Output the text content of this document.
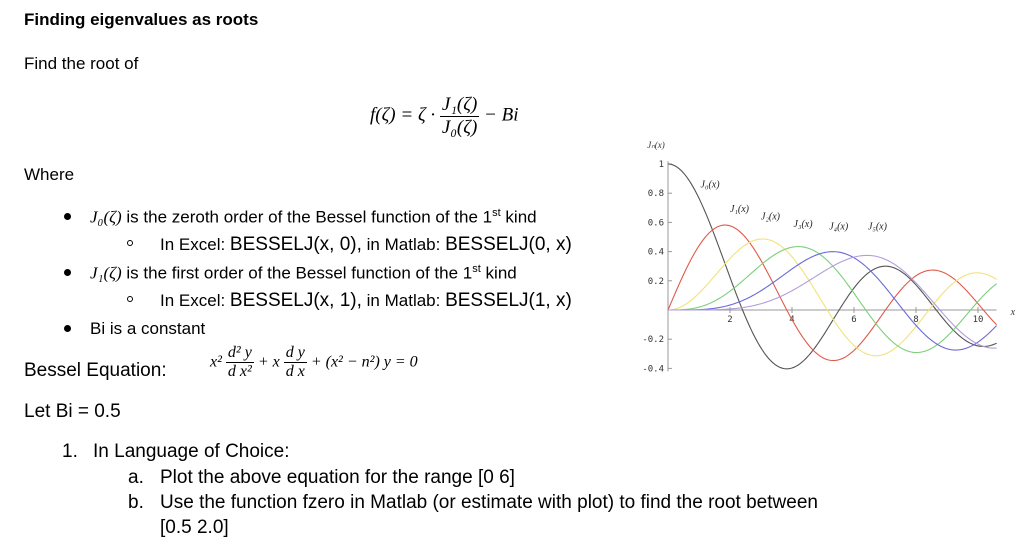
Finding eigenvalues as roots
Find the root of
$f(\zeta) = \zeta \cdot \frac{\text{J₁(ζ)}}{\text{J₀(ζ)}} - Bi$
Where
J₀(ζ) is the zeroth order of the Bessel function of the 1st kind
In Excel: BESSELJ(x, 0), in Matlab: BESSELJ(0, x)
J₁(ζ) is the first order of the Bessel function of the 1st kind
In Excel: BESSELJ(x, 1), in Matlab: BESSELJ(1, x)
Bi is a constant
Bessel Equation:	$x^2 \frac{\text{d² y}}{\text{d x²}} + x \frac{\text{d y}}{\text{d x}} + (x^2 - n^2) y = 0$
Let Bi = 0.5
1. In Language of Choice:
a. Plot the above equation for the range [0 6]
b. Use the function fzero in Matlab (or estimate with plot) to find the root between
[0.5 2.0]
1
0.8
0.6
0.4
0.2
-0.2
-0.4
2	4	6	8	10
Jₙ(x)
x
J₀(x)
J₁(x)
J₂(x)
J₃(x) J₄(x) J₅(x)
